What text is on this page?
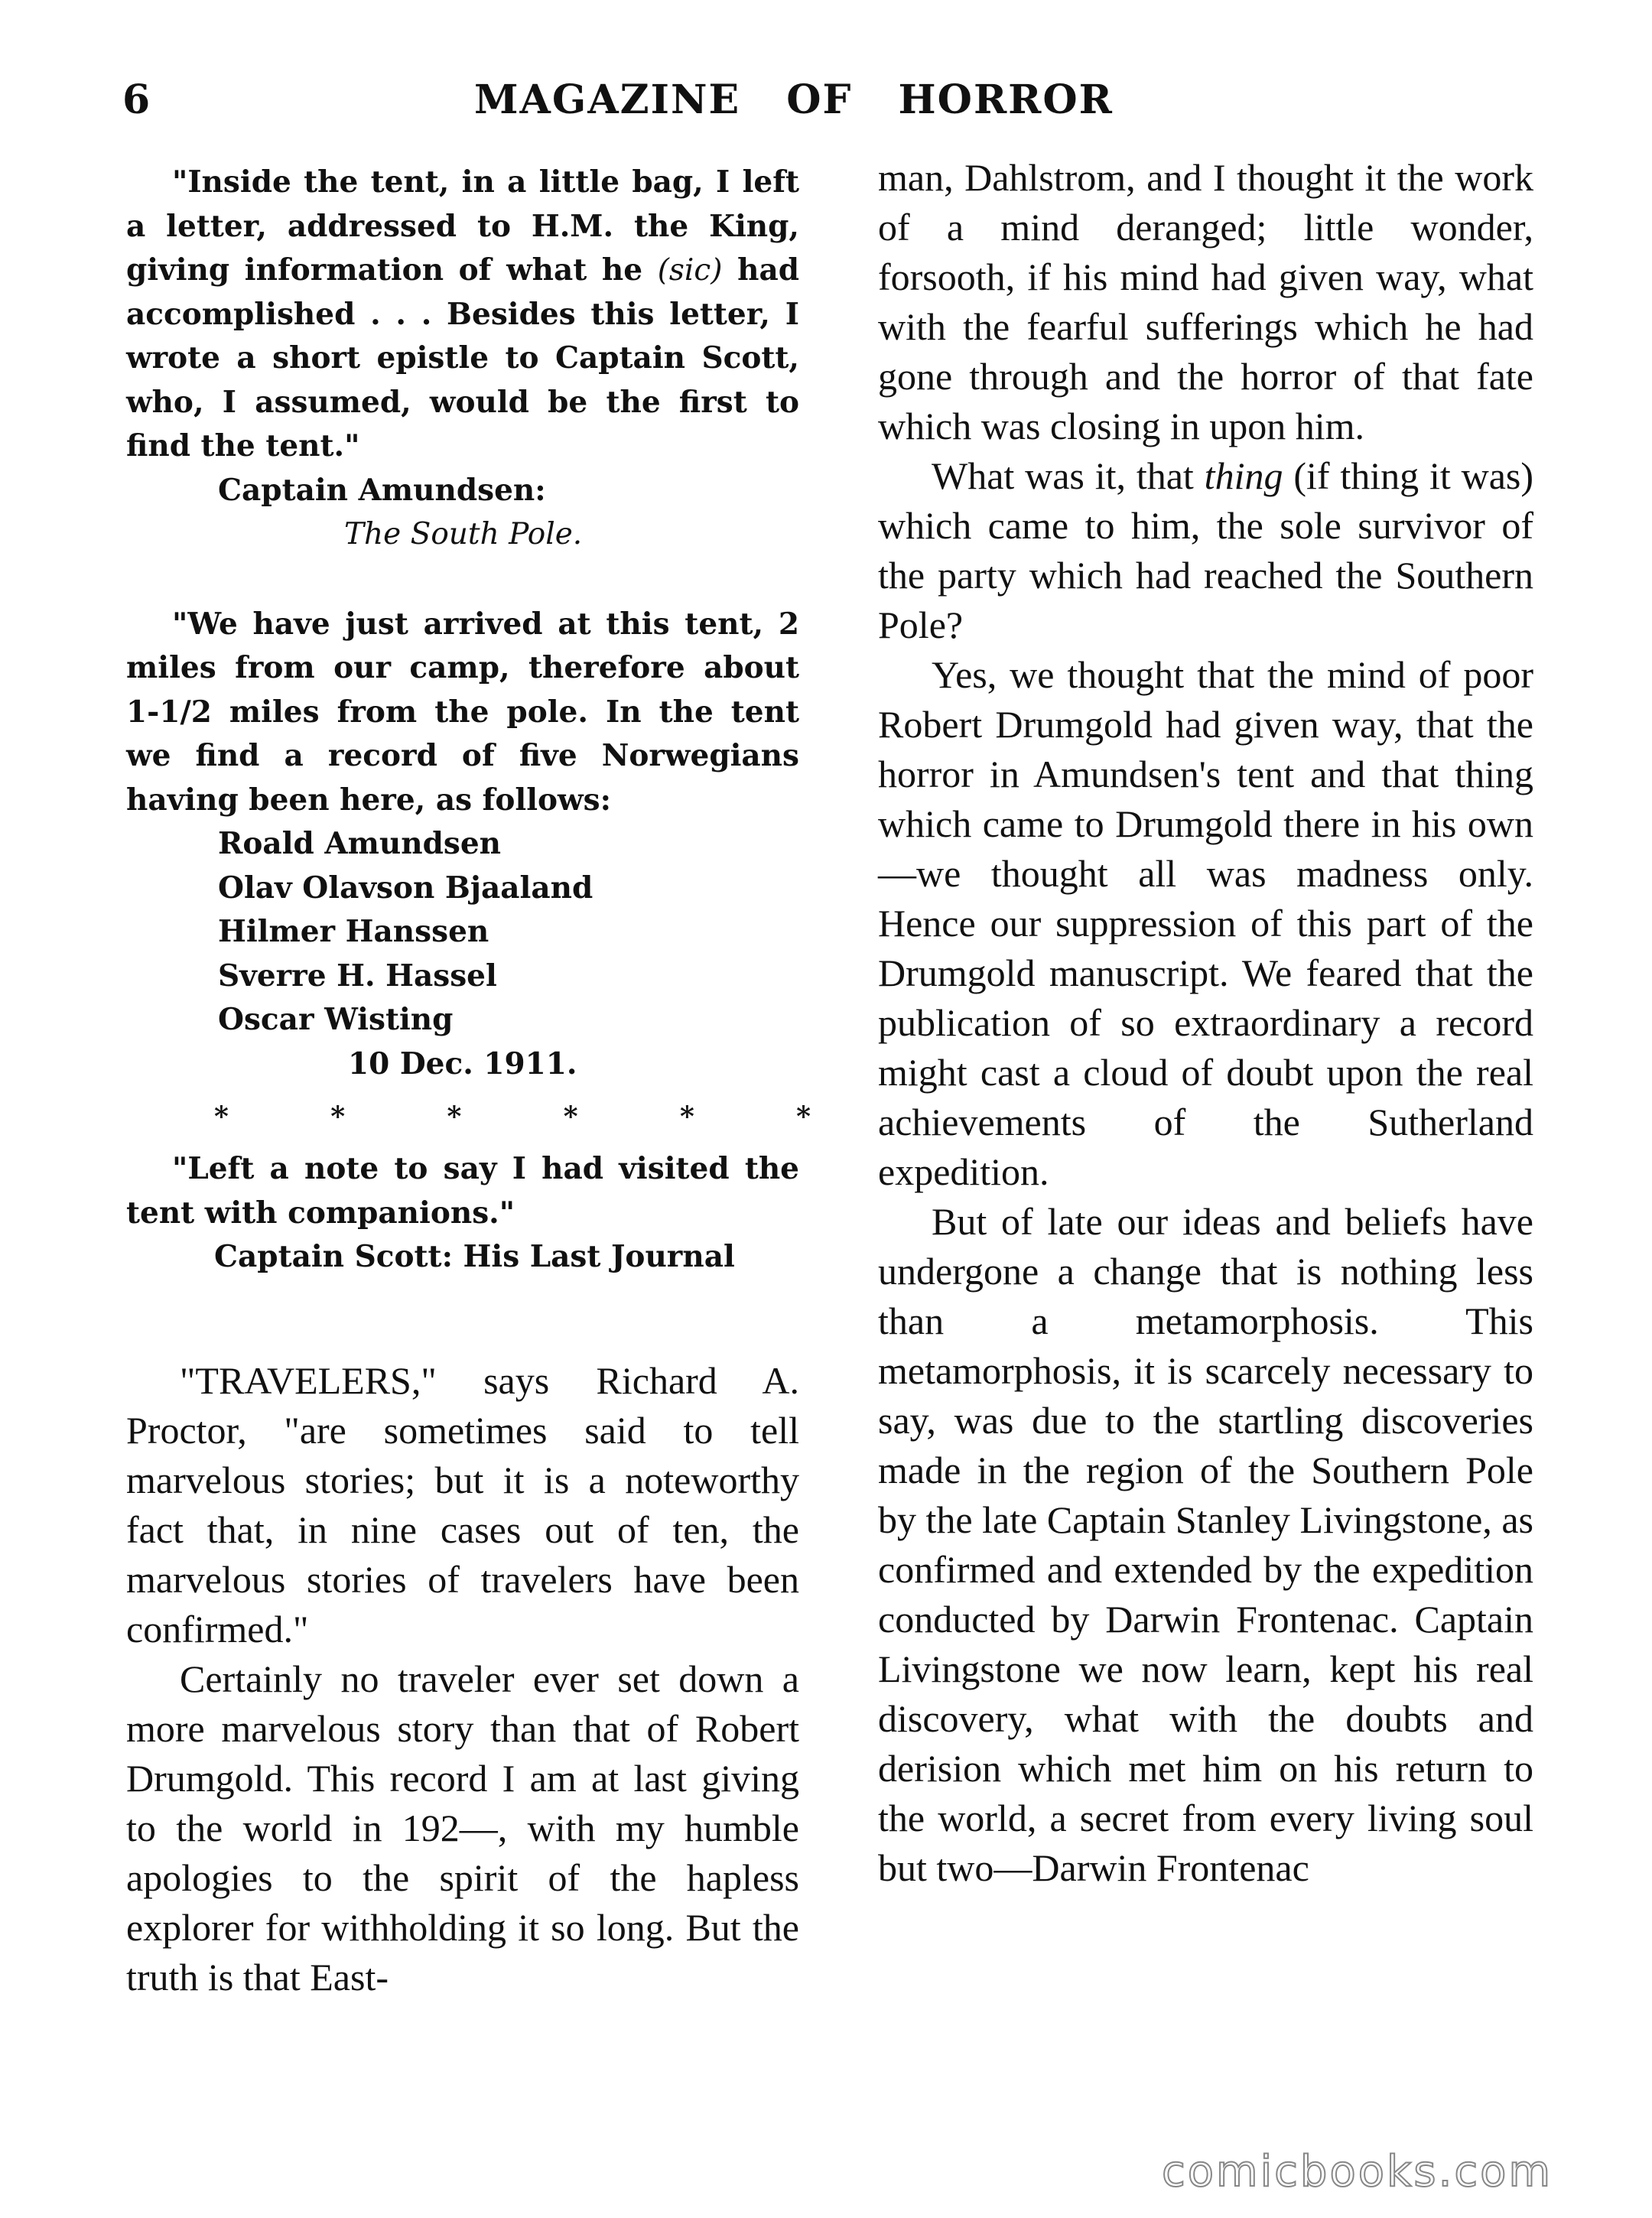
6	MAGAZINE OF HORROR

"Inside the tent, in a little bag, I left a letter, addressed to H.M. the King, giving information of what he (sic) had accomplished . . . Besides this letter, I wrote a short epistle to Captain Scott, who, I assumed, would be the first to find the tent."

Captain Amundsen:
The South Pole.

"We have just arrived at this tent, 2 miles from our camp, therefore about 1-1/2 miles from the pole. In the tent we find a record of five Norwegians having been here, as follows:

Roald Amundsen
Olav Olavson Bjaaland
Hilmer Hanssen
Sverre H. Hassel
Oscar Wisting
10 Dec. 1911.
*	*	*	*	*	*

"Left a note to say I had visited the tent with companions."

Captain Scott: His Last Journal

"TRAVELERS," says Richard A. Proctor, "are sometimes said to tell marvelous stories; but it is a noteworthy fact that, in nine cases out of ten, the marvelous stories of travelers have been confirmed."

Certainly no traveler ever set down a more marvelous story than that of Robert Drumgold. This record I am at last giving to the world in 192—, with my humble apologies to the spirit of the hapless explorer for withholding it so long. But the truth is that East-

man, Dahlstrom, and I thought it the work of a mind deranged; little wonder, forsooth, if his mind had given way, what with the fearful sufferings which he had gone through and the horror of that fate which was closing in upon him.

What was it, that thing (if thing it was) which came to him, the sole survivor of the party which had reached the Southern Pole?

Yes, we thought that the mind of poor Robert Drumgold had given way, that the horror in Amundsen's tent and that thing which came to Drumgold there in his own—we thought all was madness only. Hence our suppression of this part of the Drumgold manuscript. We feared that the publication of so extraordinary a record might cast a cloud of doubt upon the real achievements of the Sutherland expedition.

But of late our ideas and beliefs have undergone a change that is nothing less than a metamorphosis. This metamorphosis, it is scarcely necessary to say, was due to the startling discoveries made in the region of the Southern Pole by the late Captain Stanley Livingstone, as confirmed and extended by the expedition conducted by Darwin Frontenac. Captain Livingstone we now learn, kept his real discovery, what with the doubts and derision which met him on his return to the world, a secret from every living soul but two—Darwin Frontenac

comicbooks.com
